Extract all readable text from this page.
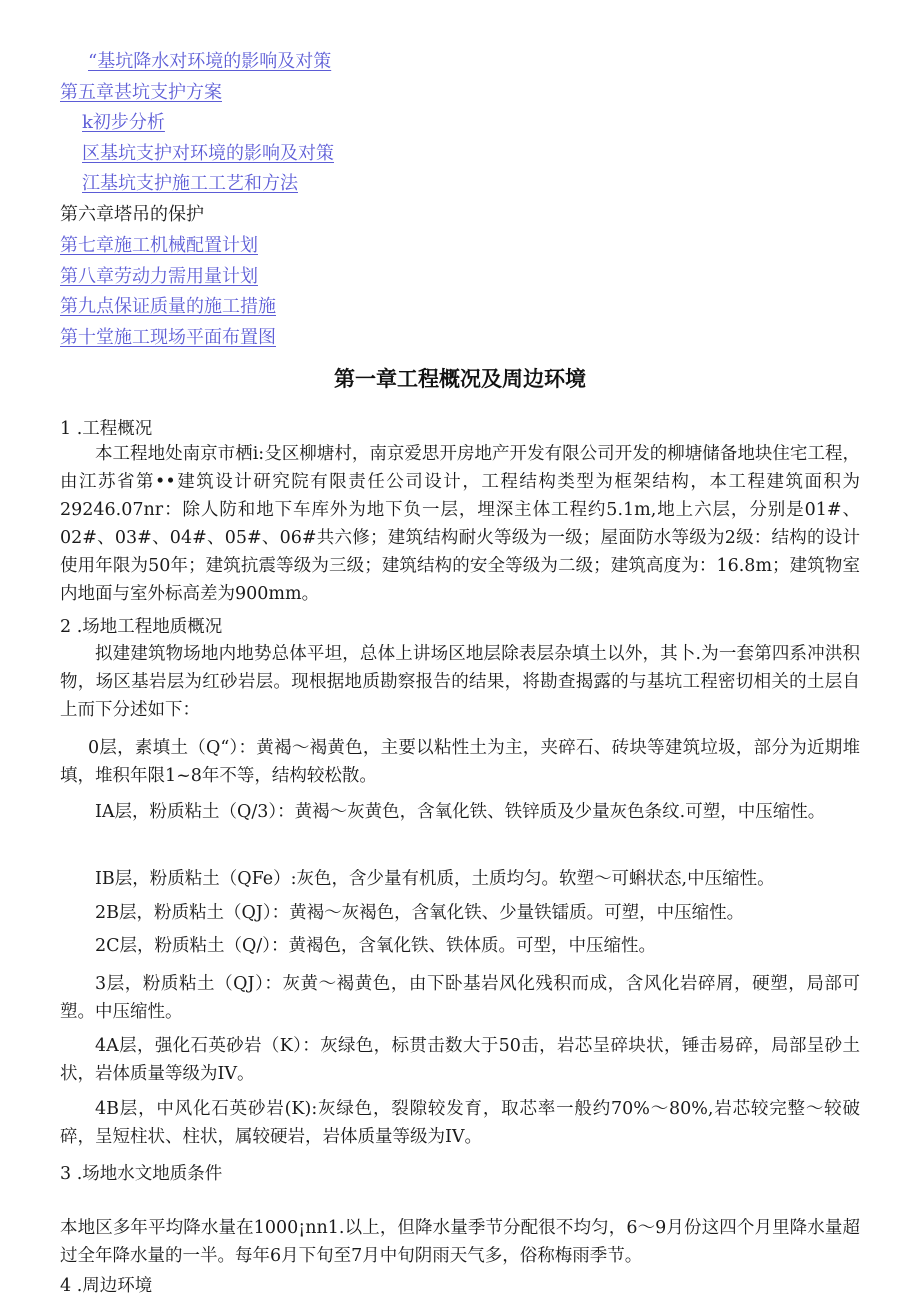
“基坑降水对环境的影响及对策
第五章甚坑支护方案
k初步分析
区基坑支护对环境的影响及对策
江基坑支护施工工艺和方法
第六章塔吊的保护
第七章施工机械配置计划
第八章劳动力需用量计划
第九点保证质量的施工措施
第十堂施工现场平面布置图
第一章工程概况及周边环境
1 .工程概况

本工程地处南京市栖i:殳区柳塘村，南京爱思开房地产开发有限公司开发的柳塘储备地块住宅工程，由江苏省第••建筑设计研究院有限责任公司设计，工程结构类型为框架结构，本工程建筑面积为29246.07nr：除人防和地下车库外为地下负一层，埋深主体工程约5.1m,地上六层，分别是01#、02#、03#、04#、05#、06#共六修；建筑结构耐火等级为一级；屋面防水等级为2级：结构的设计使用年限为50年；建筑抗震等级为三级；建筑结构的安全等级为二级；建筑高度为：16.8m；建筑物室内地面与室外标高差为900mm。

2 .场地工程地质概况

拟建建筑物场地内地势总体平坦，总体上讲场区地层除表层杂填土以外，其卜.为一套第四系冲洪积物，场区基岩层为红砂岩层。现根据地质勘察报告的结果，将勘查揭露的与基坑工程密切相关的土层自上而下分述如下：

0层，素填土（Q“）：黄褐～褐黄色，主要以粘性土为主，夹碎石、砖块等建筑垃圾，部分为近期堆填，堆积年限1~8年不等，结构较松散。

IA层，粉质粘土（Q/3）：黄褐～灰黄色，含氧化铁、铁锌质及少量灰色条纹.可塑，中压缩性。

IB层，粉质粘土（QFe）:灰色，含少量有机质，土质均匀。软塑～可蝌状态,中压缩性。

2B层，粉质粘土（QJ）：黄褐～灰褐色，含氧化铁、少量铁镭质。可塑，中压缩性。

2C层，粉质粘土（Q/）：黄褐色，含氧化铁、铁体质。可型，中压缩性。

3层，粉质粘土（QJ）：灰黄～褐黄色，由下卧基岩风化残积而成，含风化岩碎屑，硬塑，局部可塑。中压缩性。

4A层，强化石英砂岩（K）：灰绿色，标贯击数大于50击，岩芯呈碎块状，锤击易碎，局部呈砂土状，岩体质量等级为IV。

4B层，中风化石英砂岩(K):灰绿色，裂隙较发育，取芯率一般约70%～80%,岩芯较完整～较破碎，呈短柱状、柱状，属较硬岩，岩体质量等级为IV。

3 .场地水文地质条件

本地区多年平均降水量在1000¡nn1.以上，但降水量季节分配很不均匀，6～9月份这四个月里降水量超过全年降水量的一半。每年6月下旬至7月中旬阴雨天气多，俗称梅雨季节。

4 .周边环境
